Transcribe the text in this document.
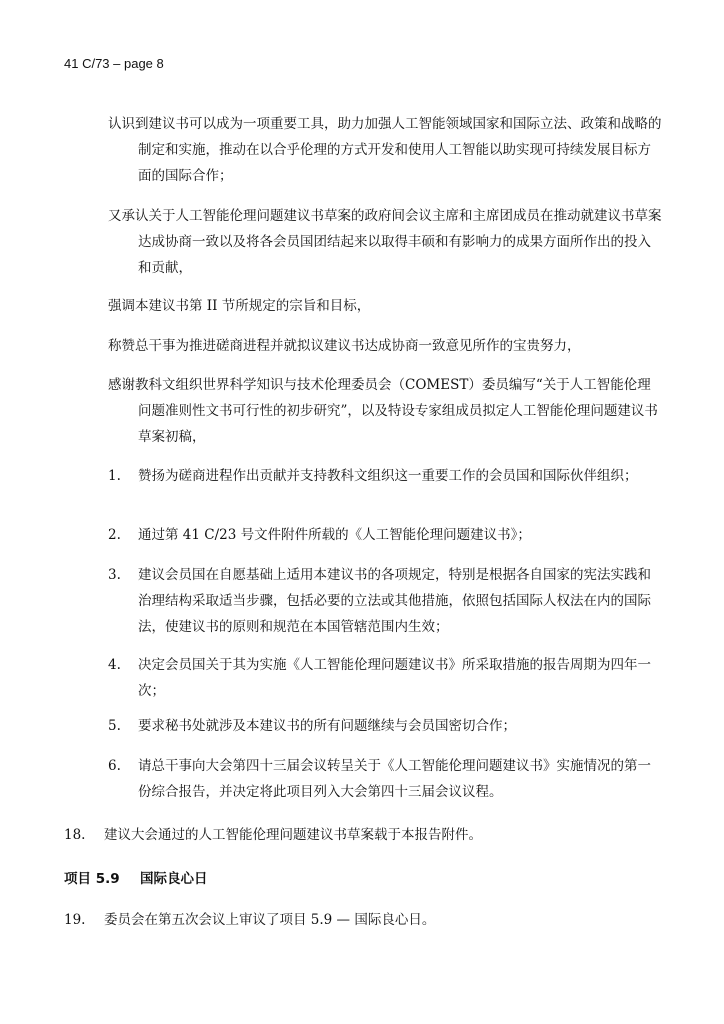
41 C/73 – page 8
认识到建议书可以成为一项重要工具，助力加强人工智能领域国家和国际立法、政策和战略的制定和实施，推动在以合乎伦理的方式开发和使用人工智能以助实现可持续发展目标方面的国际合作；
又承认关于人工智能伦理问题建议书草案的政府间会议主席和主席团成员在推动就建议书草案达成协商一致以及将各会员国团结起来以取得丰硕和有影响力的成果方面所作出的投入和贡献，
强调本建议书第 II 节所规定的宗旨和目标，
称赞总干事为推进磋商进程并就拟议建议书达成协商一致意见所作的宝贵努力，
感谢教科文组织世界科学知识与技术伦理委员会（COMEST）委员编写“关于人工智能伦理问题准则性文书可行性的初步研究”，以及特设专家组成员拟定人工智能伦理问题建议书草案初稿，
1.	赞扬为磋商进程作出贡献并支持教科文组织这一重要工作的会员国和国际伙伴组织；
2.	通过第 41 C/23 号文件附件所载的《人工智能伦理问题建议书》；
3.	建议会员国在自愿基础上适用本建议书的各项规定，特别是根据各自国家的宪法实践和治理结构采取适当步骤，包括必要的立法或其他措施，依照包括国际人权法在内的国际法，使建议书的原则和规范在本国管辖范围内生效；
4.	决定会员国关于其为实施《人工智能伦理问题建议书》所采取措施的报告周期为四年一次；
5.	要求秘书处就涉及本建议书的所有问题继续与会员国密切合作；
6.	请总干事向大会第四十三届会议转呈关于《人工智能伦理问题建议书》实施情况的第一份综合报告，并决定将此项目列入大会第四十三届会议议程。
18.	建议大会通过的人工智能伦理问题建议书草案载于本报告附件。
项目 5.9 国际良心日
19.	委员会在第五次会议上审议了项目 5.9 — 国际良心日。
